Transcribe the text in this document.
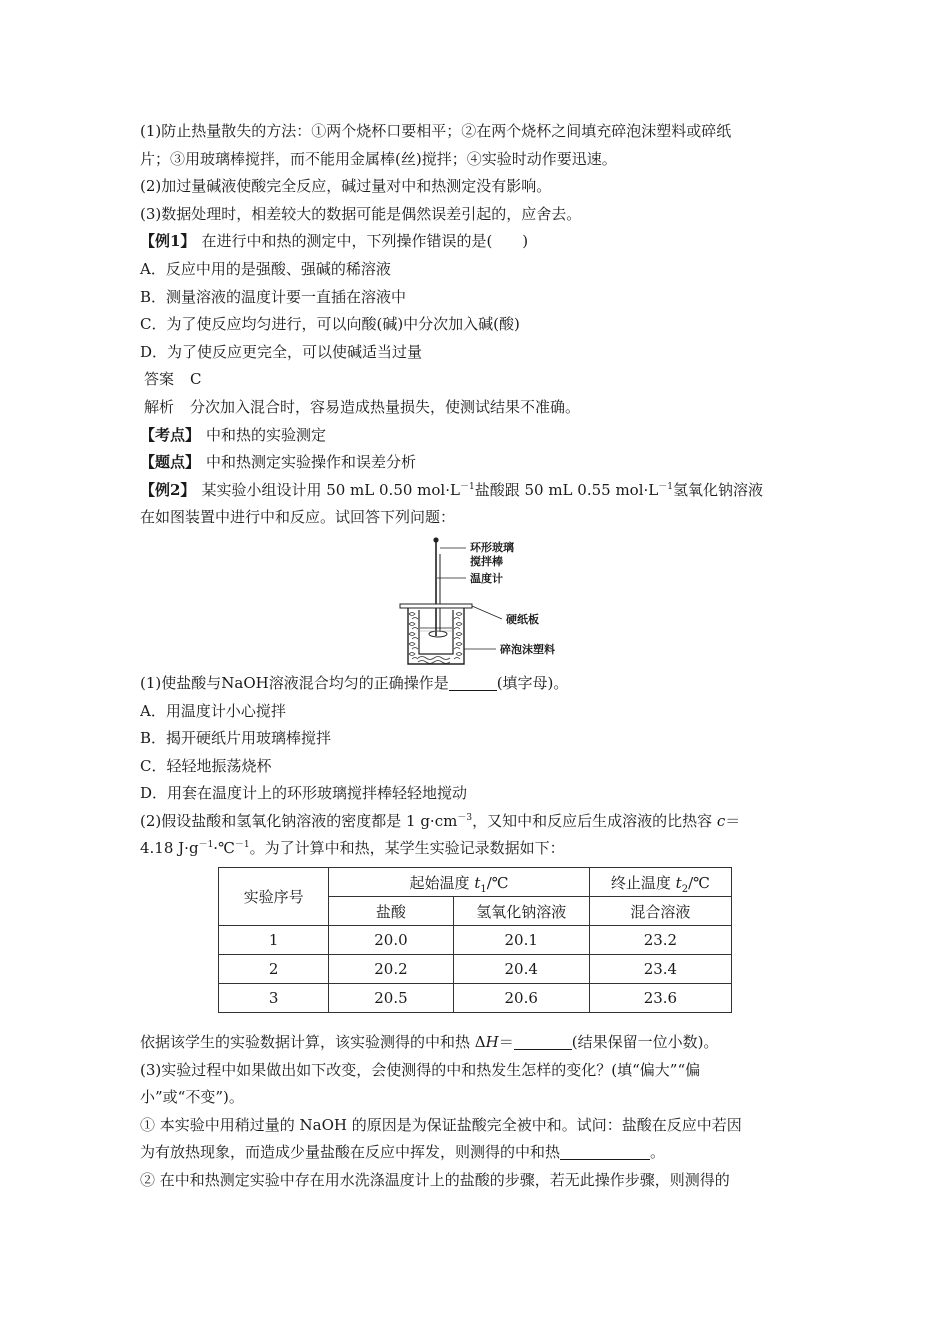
(1)防止热量散失的方法：①两个烧杯口要相平；②在两个烧杯之间填充碎泡沫塑料或碎纸
片；③用玻璃棒搅拌，而不能用金属棒(丝)搅拌；④实验时动作要迅速。
(2)加过量碱液使酸完全反应，碱过量对中和热测定没有影响。
(3)数据处理时，相差较大的数据可能是偶然误差引起的，应舍去。
【例1】 在进行中和热的测定中，下列操作错误的是(　　)
A．反应中用的是强酸、强碱的稀溶液
B．测量溶液的温度计要一直插在溶液中
C．为了使反应均匀进行，可以向酸(碱)中分次加入碱(酸)
D．为了使反应更完全，可以使碱适当过量
答案 C
解析 分次加入混合时，容易造成热量损失，使测试结果不准确。
【考点】 中和热的实验测定
【题点】 中和热测定实验操作和误差分析
【例2】 某实验小组设计用 50 mL 0.50 $mol\cdot L^{-1}$盐酸跟 50 mL 0.55 $mol\cdot L^{-1}$氢氧化钠溶液
在如图装置中进行中和反应。试回答下列问题：
环形玻璃
搅拌棒
温度计
硬纸板
碎泡沫塑料
(1)使盐酸与NaOH溶液混合均匀的正确操作是	(填字母)。
A．用温度计小心搅拌
B．揭开硬纸片用玻璃棒搅拌
C．轻轻地振荡烧杯
D．用套在温度计上的环形玻璃搅拌棒轻轻地搅动
(2)假设盐酸和氢氧化钠溶液的密度都是 1 $g\cdot cm^{-3}$，又知中和反应后生成溶液的比热容 c＝
4.18 $J\cdot g^{-1}\cdot℃^{-1}$。为了计算中和热，某学生实验记录数据如下：
实验序号	起始温度 $t_1/℃$		终止温度 $t_2/℃$
	盐酸	氢氧化钠溶液	混合溶液
1	20.0	20.1	23.2
2	20.2	20.4	23.4
3	20.5	20.6	23.6
依据该学生的实验数据计算，该实验测得的中和热 ΔH＝	(结果保留一位小数)。
(3)实验过程中如果做出如下改变，会使测得的中和热发生怎样的变化？(填“偏大”“偏
小”或“不变”)。
① 本实验中用稍过量的 NaOH 的原因是为保证盐酸完全被中和。试问：盐酸在反应中若因
为有放热现象，而造成少量盐酸在反应中挥发，则测得的中和热	。
② 在中和热测定实验中存在用水洗涤温度计上的盐酸的步骤，若无此操作步骤，则测得的
